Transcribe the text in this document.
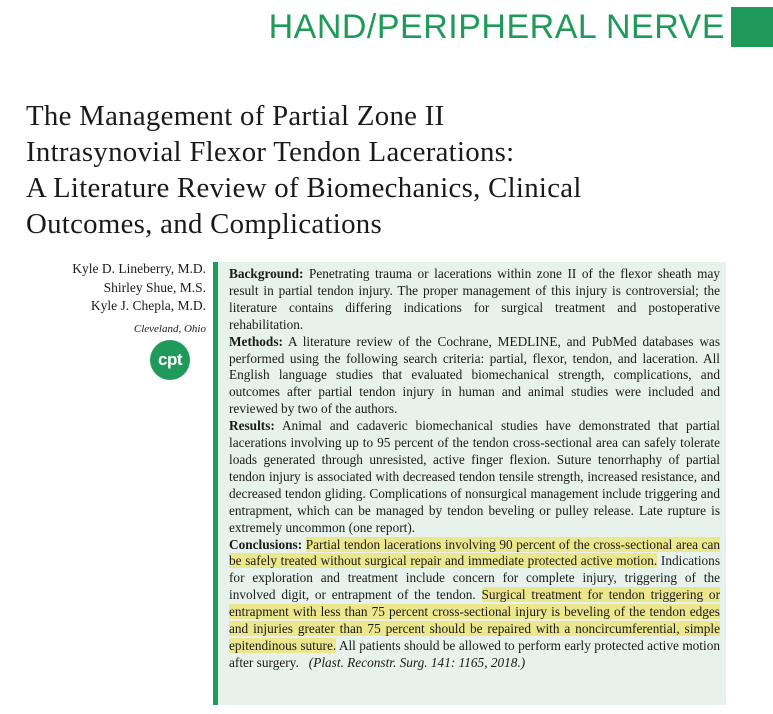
HAND/PERIPHERAL NERVE
The Management of Partial Zone II
Intrasynovial Flexor Tendon Lacerations:
A Literature Review of Biomechanics, Clinical
Outcomes, and Complications
Kyle D. Lineberry, M.D.
Shirley Shue, M.S.
Kyle J. Chepla, M.D.
Cleveland, Ohio
cpt

Background: Penetrating trauma or lacerations within zone II of the flexor sheath may result in partial tendon injury. The proper management of this injury is controversial; the literature contains differing indications for surgical treatment and postoperative rehabilitation.

Methods: A literature review of the Cochrane, MEDLINE, and PubMed databases was performed using the following search criteria: partial, flexor, tendon, and laceration. All English language studies that evaluated biomechanical strength, complications, and outcomes after partial tendon injury in human and animal studies were included and reviewed by two of the authors.

Results: Animal and cadaveric biomechanical studies have demonstrated that partial lacerations involving up to 95 percent of the tendon cross-sectional area can safely tolerate loads generated through unresisted, active finger flexion. Suture tenorrhaphy of partial tendon injury is associated with decreased tendon tensile strength, increased resistance, and decreased tendon gliding. Complications of nonsurgical management include triggering and entrapment, which can be managed by tendon beveling or pulley release. Late rupture is extremely uncommon (one report).

Conclusions: Partial tendon lacerations involving 90 percent of the cross-sectional area can be safely treated without surgical repair and immediate protected active motion. Indications for exploration and treatment include concern for complete injury, triggering of the involved digit, or entrapment of the tendon. Surgical treatment for tendon triggering or entrapment with less than 75 percent cross-sectional injury is beveling of the tendon edges and injuries greater than 75 percent should be repaired with a noncircumferential, simple epitendinous suture. All patients should be allowed to perform early protected active motion after surgery. (Plast. Reconstr. Surg. 141: 1165, 2018.)
